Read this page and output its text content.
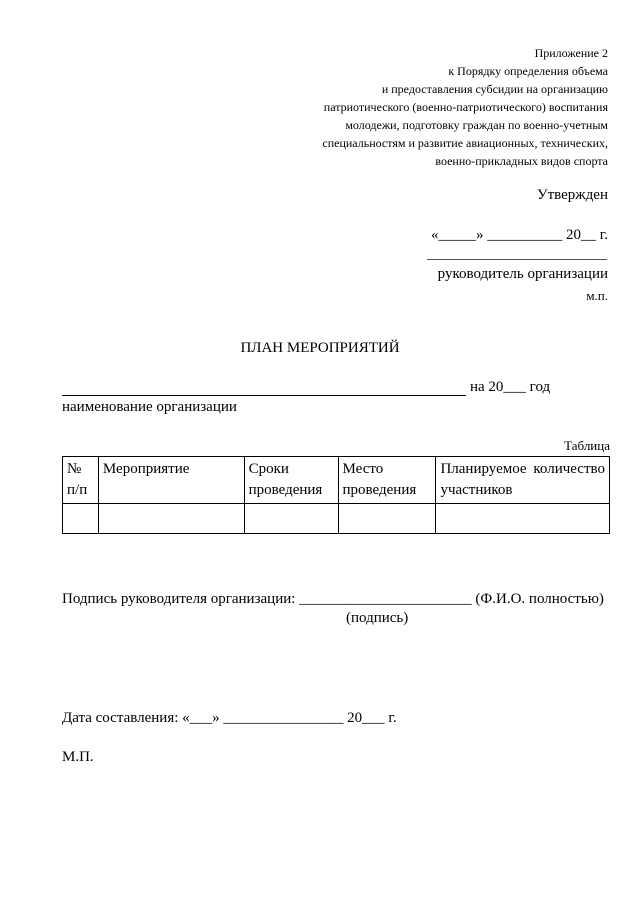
Приложение 2
к Порядку определения объема
и предоставления субсидии на организацию
патриотического (военно-патриотического) воспитания
молодежи, подготовку граждан по военно-учетным
специальностям и развитие авиационных, технических,
военно-прикладных видов спорта
Утвержден
«_____» __________ 20__ г.
руководитель организации
м.п.
ПЛАН МЕРОПРИЯТИЙ
на 20___ год
наименование организации
Таблица
№ п/п	Мероприятие	Сроки проведения	Место проведения	Планируемое количество участников

Подпись руководителя организации: _______________________ (Ф.И.О. полностью)
(подпись)
Дата составления: «___» ________________ 20___ г.
М.П.
